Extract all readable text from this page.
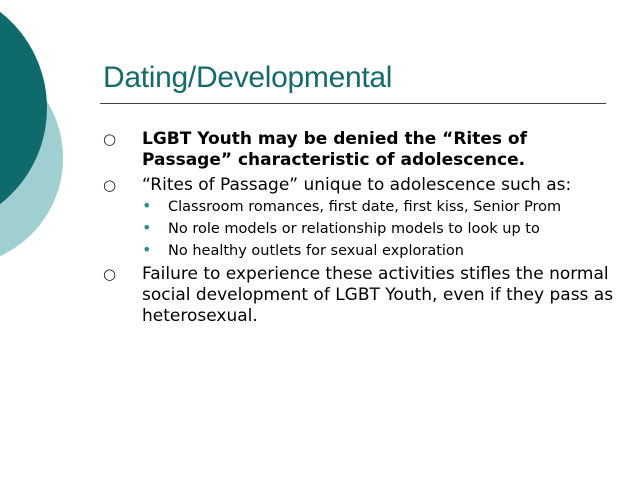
Dating/Developmental
○ LGBT Youth may be denied the “Rites of Passage” characteristic of adolescence.
○ “Rites of Passage” unique to adolescence such as:
• Classroom romances, first date, first kiss, Senior Prom
• No role models or relationship models to look up to
• No healthy outlets for sexual exploration
○ Failure to experience these activities stifles the normal social development of LGBT Youth, even if they pass as heterosexual.
